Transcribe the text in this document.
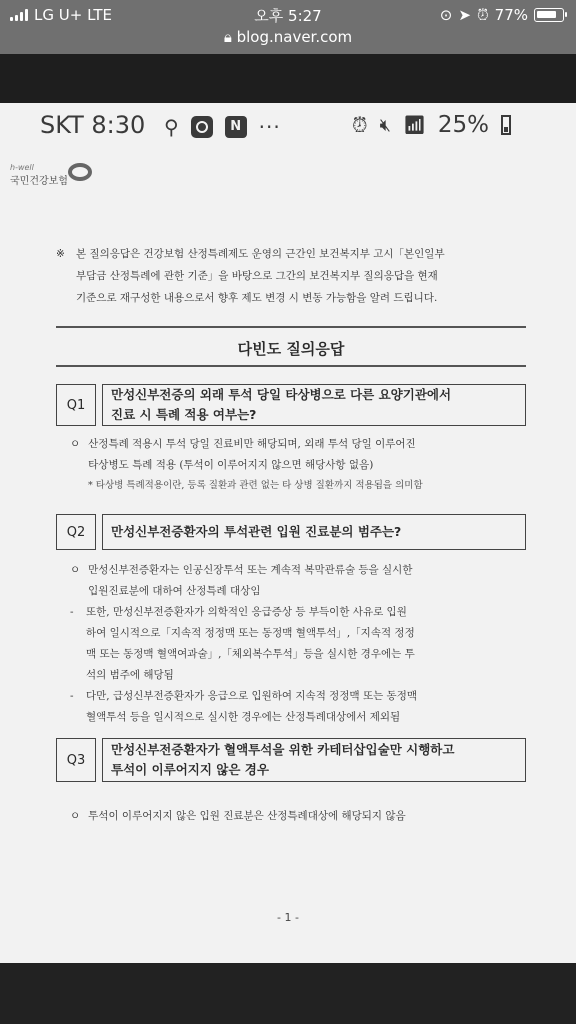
LG U+ LTE	오후 5:27
🔒︎ blog.naver.com
⊙ ➤ ⏰︎ 77%
SKT 8:30 ⚲	N ···	⏰︎ 🔇︎ 📶︎ 25%
h-well
국민건강보험
※	본 질의응답은 건강보험 산정특례제도 운영의 근간인 보건복지부 고시「본인일부
부담금 산정특례에 관한 기준」을 바탕으로 그간의 보건복지부 질의응답을 현재
기준으로 재구성한 내용으로서 향후 제도 변경 시 변동 가능함을 알려 드립니다.
다빈도 질의응답
Q1
만성신부전증의 외래 투석 당일 타상병으로 다른 요양기관에서
진료 시 특례 적용 여부는?
ㅇ 산정특례 적용시 투석 당일 진료비만 해당되며, 외래 투석 당일 이루어진
타상병도 특례 적용 (투석이 이루어지지 않으면 해당사항 없음)
* 타상병 특례적용이란, 등록 질환과 관련 없는 타 상병 질환까지 적용됨을 의미함
Q2	만성신부전증환자의 투석관련 입원 진료분의 범주는?
ㅇ 만성신부전증환자는 인공신장투석 또는 계속적 복막관류술 등을 실시한
입원진료분에 대하여 산정특례 대상임
-	또한, 만성신부전증환자가 의학적인 응급증상 등 부득이한 사유로 입원
하여 일시적으로「지속적 정정맥 또는 동정맥 혈액투석」,「지속적 정정
맥 또는 동정맥 혈액여과술」,「체외복수투석」등을 실시한 경우에는 투
석의 범주에 해당됨
-	다만, 급성신부전증환자가 응급으로 입원하여 지속적 정정맥 또는 동정맥
혈액투석 등을 일시적으로 실시한 경우에는 산정특례대상에서 제외됨
Q3
만성신부전증환자가 혈액투석을 위한 카테터삽입술만 시행하고
투석이 이루어지지 않은 경우
ㅇ 투석이 이루어지지 않은 입원 진료분은 산정특례대상에 해당되지 않음
- 1 -
